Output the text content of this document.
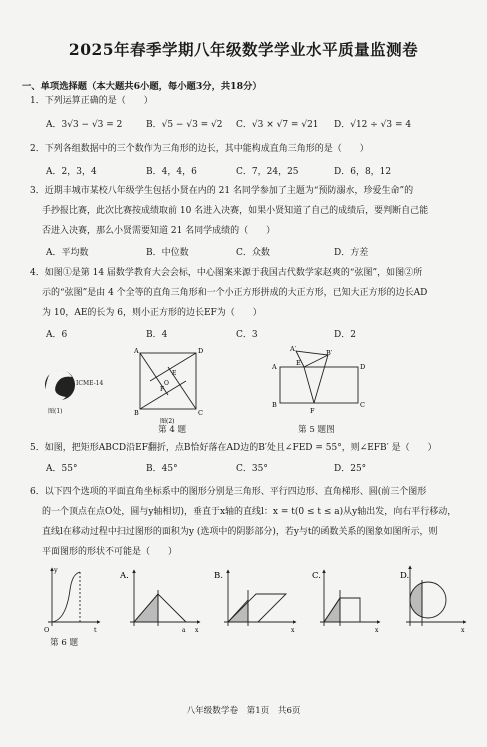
2025年春季学期八年级数学学业水平质量监测卷
一、单项选择题（本大题共6小题，每小题3分，共18分）
1．下列运算正确的是（　　）
A．3√3 − √3 = 2	B．√5 − √3 = √2 C．√3 × √7 = √21 D．√12 ÷ √3 = 4
2．下列各组数据中的三个数作为三角形的边长，其中能构成直角三角形的是（　　）
A．2，3，4	B．4，4，6	C．7，24，25	D．6，8，12
3．近期丰城市某校八年级学生包括小贤在内的 21 名同学参加了主题为“预防溺水，珍爱生命”的
手抄报比赛，此次比赛按成绩取前 10 名进入决赛，如果小贤知道了自己的成绩后，要判断自己能
否进入决赛，那么小贤需要知道 21 名同学成绩的（　　）
A．平均数	B．中位数	C．众数	D．方差
4．如图①是第 14 届数学教育大会会标，中心图案来源于我国古代数学家赵爽的“弦图”，如图②所
示的“弦图”是由 4 个全等的直角三角形和一个小正方形拼成的大正方形，已知大正方形的边长AD
为 10，AE的长为 6，则小正方形的边长EF为（　　）
A．6	B．4	C．3	D．2
ICME-14
图(1)
A	D
B	C
E
F
O
图(2)
A
B	C
D
E
F
B′
A′
第 4 题	第 5 题图
5．如图，把矩形ABCD沿EF翻折，点B恰好落在AD边的B′处且∠FED = 55°，则∠EFB′ 是（　　）
A．55°	B．45°	C．35°	D．25°
6．以下四个选项的平面直角坐标系中的图形分别是三角形、平行四边形、直角梯形、圆(前三个图形
的一个顶点在点O处，圆与y轴相切)，垂直于x轴的直线l：x = t(0 ≤ t ≤ a)从y轴出发，向右平行移动，
直线l在移动过程中扫过图形的面积为y (选项中的阴影部分)，若y与t的函数关系的图象如图所示，则
平面图形的形状不可能是（　　）
y
t
O
A.
x
a
B.
x
C.
x
D.
x
第 6 题
八年级数学卷　第1页　共6页
